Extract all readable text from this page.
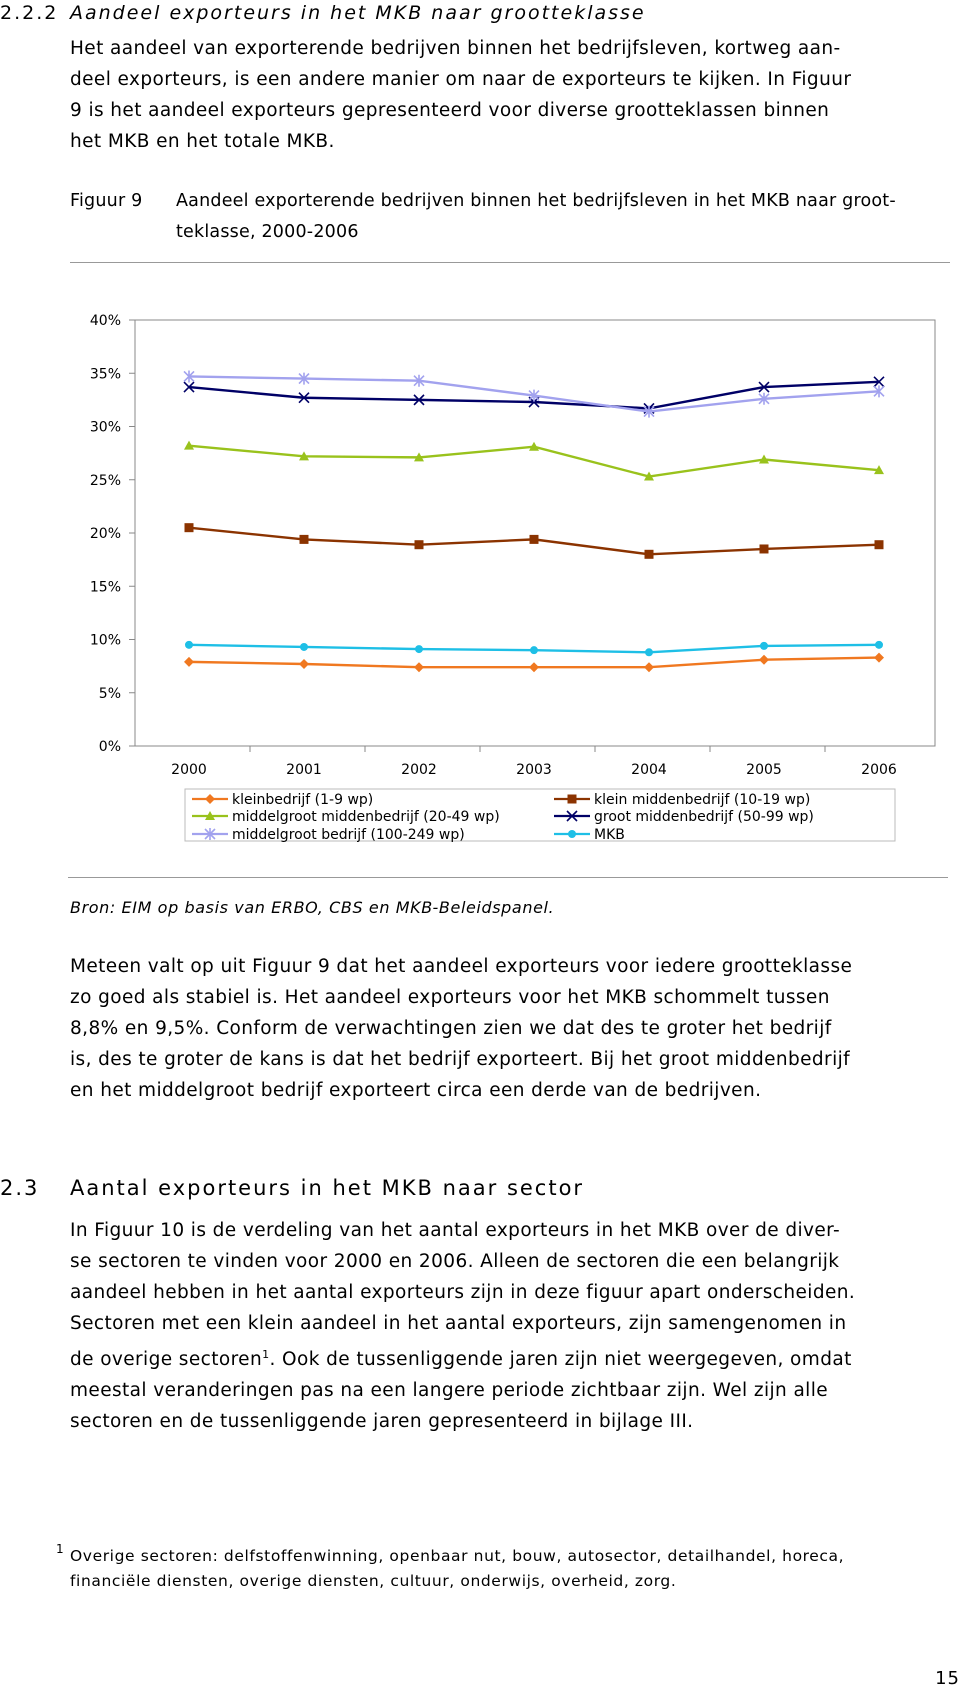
2.2.2 Aandeel exporteurs in het MKB naar grootteklasse
Het aandeel van exporterende bedrijven binnen het bedrijfsleven, kortweg aan-
deel exporteurs, is een andere manier om naar de exporteurs te kijken. In Figuur
9 is het aandeel exporteurs gepresenteerd voor diverse grootteklassen binnen
het MKB en het totale MKB.
Figuur 9 Aandeel exporterende bedrijven binnen het bedrijfsleven in het MKB naar groot-
teklasse, 2000-2006
0%
5%
10%
15%
20%
25%
30%
35%
40%
2000	2001	2002	2003	2004	2005	2006
kleinbedrijf (1-9 wp)	klein middenbedrijf (10-19 wp)
middelgroot middenbedrijf (20-49 wp)	groot middenbedrijf (50-99 wp)
middelgroot bedrijf (100-249 wp)	MKB
Bron: EIM op basis van ERBO, CBS en MKB-Beleidspanel.
Meteen valt op uit Figuur 9 dat het aandeel exporteurs voor iedere grootteklasse
zo goed als stabiel is. Het aandeel exporteurs voor het MKB schommelt tussen
8,8% en 9,5%. Conform de verwachtingen zien we dat des te groter het bedrijf
is, des te groter de kans is dat het bedrijf exporteert. Bij het groot middenbedrijf
en het middelgroot bedrijf exporteert circa een derde van de bedrijven.
2.3 Aantal exporteurs in het MKB naar sector
In Figuur 10 is de verdeling van het aantal exporteurs in het MKB over de diver-
se sectoren te vinden voor 2000 en 2006. Alleen de sectoren die een belangrijk
aandeel hebben in het aantal exporteurs zijn in deze figuur apart onderscheiden.
Sectoren met een klein aandeel in het aantal exporteurs, zijn samengenomen in
de overige sectoren$^1$. Ook de tussenliggende jaren zijn niet weergegeven, omdat
meestal veranderingen pas na een langere periode zichtbaar zijn. Wel zijn alle
sectoren en de tussenliggende jaren gepresenteerd in bijlage III.
1 Overige sectoren: delfstoffenwinning, openbaar nut, bouw, autosector, detailhandel, horeca,
financiële diensten, overige diensten, cultuur, onderwijs, overheid, zorg.
15
